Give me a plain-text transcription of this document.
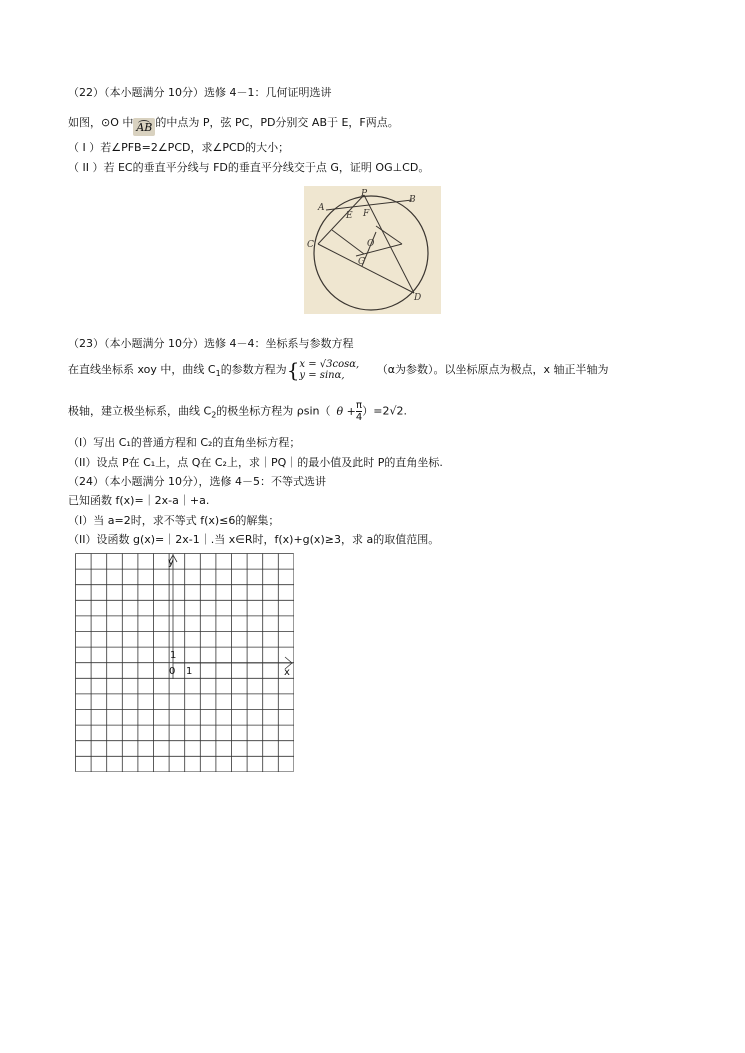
（22）（本小题满分 10分）选修 4－1：几何证明选讲
如图，⊙O 中 AB 的中点为 P，弦 PC，PD分别交 AB于 E，F两点。
（ I ）若∠PFB=2∠PCD，求∠PCD的大小；
（ II ）若 EC的垂直平分线与 FD的垂直平分线交于点 G，证明 OG⊥CD。
P
A
B
E F
C	O
G
D
（23）（本小题满分 10分）选修 4－4：坐标系与参数方程
在直线坐标系 xoy 中，曲线 $C_1$的参数方程为{ x = √3cosα,
y = sinα,	（α为参数）。以坐标原点为极点，x 轴正半轴为
极轴，建立极坐标系，曲线 $C_2$的极坐标方程为 ρsin（ $\theta + \frac{\pi}{4} )=2√2$.
（I）写出 C₁的普通方程和 C₂的直角坐标方程；
（II）设点 P在 C₁上，点 Q在 C₂上，求｜PQ｜的最小值及此时 P的直角坐标.
（24）（本小题满分 10分），选修 4－5：不等式选讲
已知函数 f(x)=｜2x-a｜+a.
（I）当 a=2时，求不等式 f(x)≤6的解集；
（II）设函数 g(x)=｜2x-1｜.当 x∈R时，f(x)+g(x)≥3，求 a的取值范围。
y
x
1
0 1
